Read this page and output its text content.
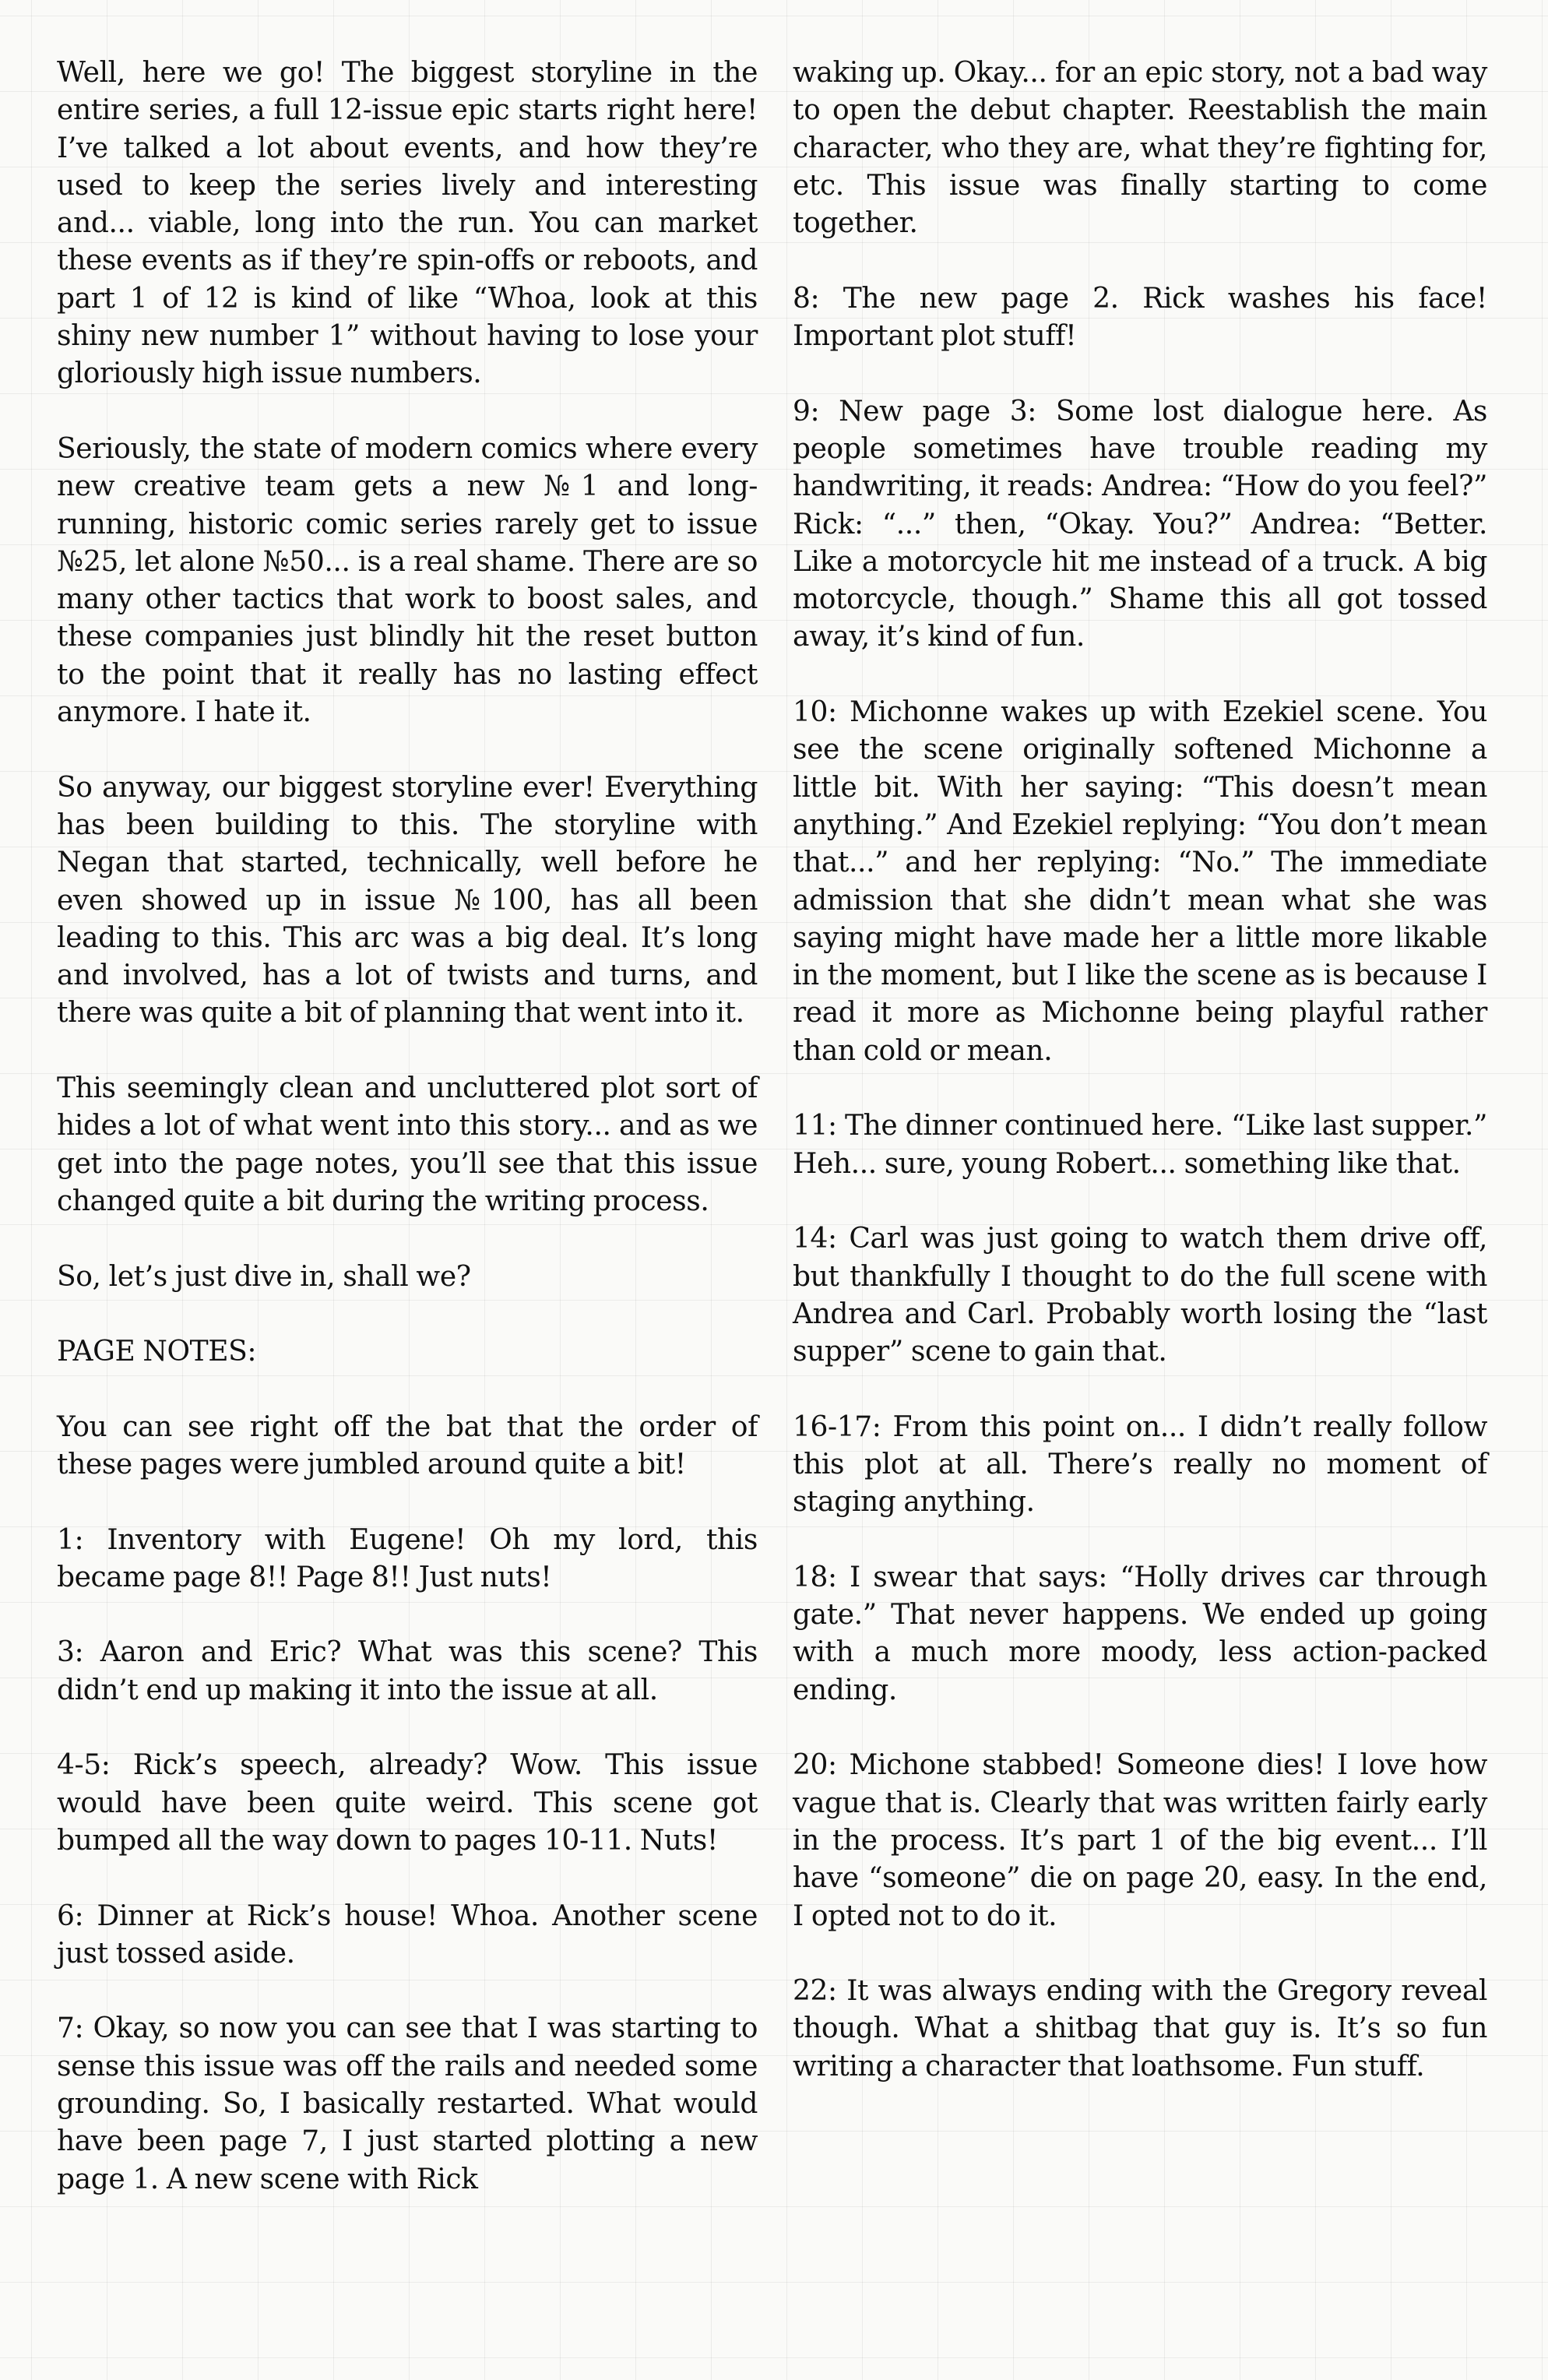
Well, here we go! The biggest storyline in the entire series, a full 12-issue epic starts right here! I’ve talked a lot about events, and how they’re used to keep the series lively and interesting and... viable, long into the run. You can market these events as if they’re spin-offs or reboots, and part 1 of 12 is kind of like “Whoa, look at this shiny new number 1” without having to lose your gloriously high issue numbers.

Seriously, the state of modern comics where every new creative team gets a new №1 and long-running, historic comic series rarely get to issue №25, let alone №50... is a real shame. There are so many other tactics that work to boost sales, and these companies just blindly hit the reset button to the point that it really has no lasting effect anymore. I hate it.

So anyway, our biggest storyline ever! Everything has been building to this. The storyline with Negan that started, technically, well before he even showed up in issue №100, has all been leading to this. This arc was a big deal. It’s long and involved, has a lot of twists and turns, and there was quite a bit of planning that went into it.

This seemingly clean and uncluttered plot sort of hides a lot of what went into this story... and as we get into the page notes, you’ll see that this issue changed quite a bit during the writing process.

So, let’s just dive in, shall we?

PAGE NOTES:

You can see right off the bat that the order of these pages were jumbled around quite a bit!

1: Inventory with Eugene! Oh my lord, this became page 8!! Page 8!! Just nuts!

3: Aaron and Eric? What was this scene? This didn’t end up making it into the issue at all.

4-5: Rick’s speech, already? Wow. This issue would have been quite weird. This scene got bumped all the way down to pages 10-11. Nuts!

6: Dinner at Rick’s house! Whoa. Another scene just tossed aside.

7: Okay, so now you can see that I was starting to sense this issue was off the rails and needed some grounding. So, I basically restarted. What would have been page 7, I just started plotting a new page 1. A new scene with Rick

waking up. Okay... for an epic story, not a bad way to open the debut chapter. Reestablish the main character, who they are, what they’re fighting for, etc. This issue was finally starting to come together.

8: The new page 2. Rick washes his face! Important plot stuff!

9: New page 3: Some lost dialogue here. As people sometimes have trouble reading my handwriting, it reads: Andrea: “How do you feel?” Rick: “...” then, “Okay. You?” Andrea: “Better. Like a motorcycle hit me instead of a truck. A big motorcycle, though.” Shame this all got tossed away, it’s kind of fun.

10: Michonne wakes up with Ezekiel scene. You see the scene originally softened Michonne a little bit. With her saying: “This doesn’t mean anything.” And Ezekiel replying: “You don’t mean that...” and her replying: “No.” The immediate admission that she didn’t mean what she was saying might have made her a little more likable in the moment, but I like the scene as is because I read it more as Michonne being playful rather than cold or mean.

11: The dinner continued here. “Like last supper.” Heh... sure, young Robert... something like that.

14: Carl was just going to watch them drive off, but thankfully I thought to do the full scene with Andrea and Carl. Probably worth losing the “last supper” scene to gain that.

16-17: From this point on... I didn’t really follow this plot at all. There’s really no moment of staging anything.

18: I swear that says: “Holly drives car through gate.” That never happens. We ended up going with a much more moody, less action-packed ending.

20: Michone stabbed! Someone dies! I love how vague that is. Clearly that was written fairly early in the process. It’s part 1 of the big event... I’ll have “someone” die on page 20, easy. In the end, I opted not to do it.

22: It was always ending with the Gregory reveal though. What a shitbag that guy is. It’s so fun writing a character that loathsome. Fun stuff.
